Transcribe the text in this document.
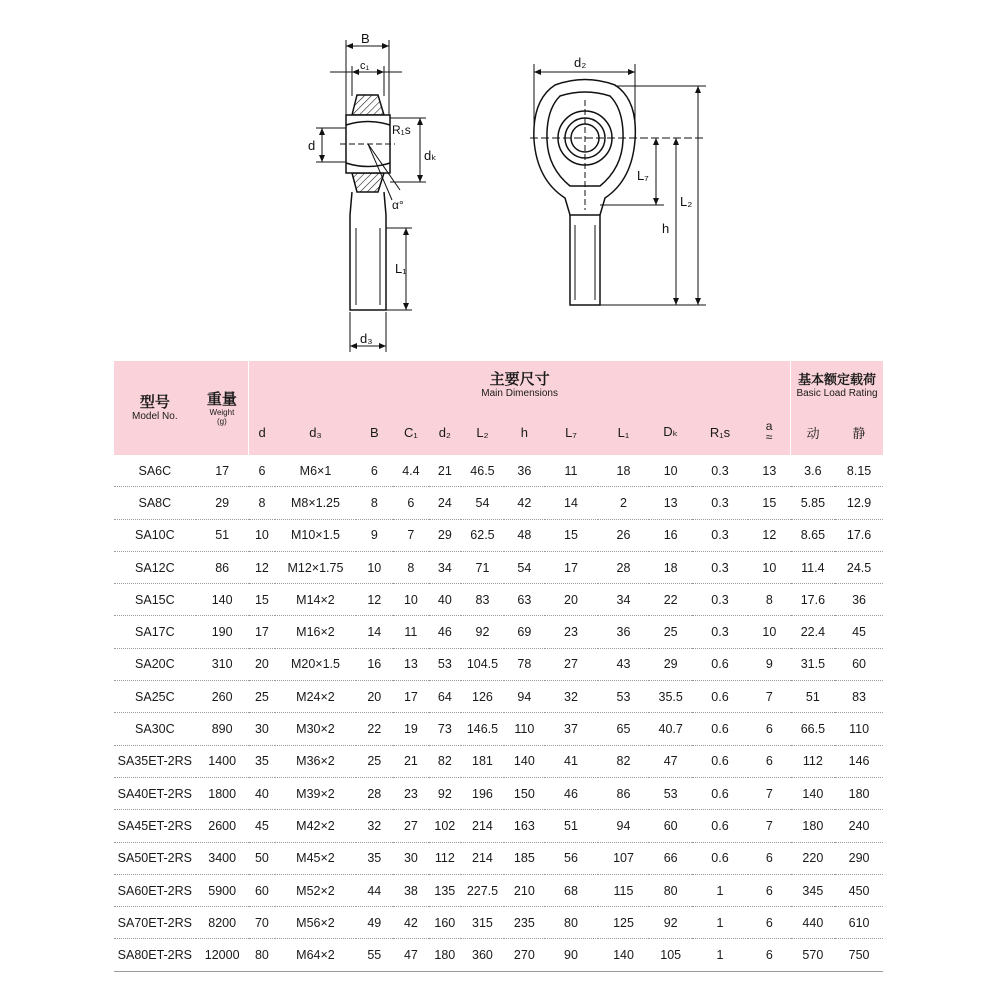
B
c₁
R₁s
d
dₖ
α°
L₁
d₃
d₂
L₇
L₂
h
型号
Model No.	重量
Weight
(g)	主要尺寸
Main Dimensions												基本额定载荷
Basic Load Rating	

		d	d₃	B	C₁	d₂	L₂	h	L₇	L₁	Dₖ	R₁s	a
≈	动	静
SA6C	17	6	M6×1	6	4.4	21	46.5	36	11	18	10	0.3	13	3.6	8.15
SA8C	29	8	M8×1.25	8	6	24	54	42	14	2	13	0.3	15	5.85	12.9
SA10C	51	10	M10×1.5	9	7	29	62.5	48	15	26	16	0.3	12	8.65	17.6
SA12C	86	12	M12×1.75	10	8	34	71	54	17	28	18	0.3	10	11.4	24.5
SA15C	140	15	M14×2	12	10	40	83	63	20	34	22	0.3	8	17.6	36
SA17C	190	17	M16×2	14	11	46	92	69	23	36	25	0.3	10	22.4	45
SA20C	310	20	M20×1.5	16	13	53	104.5	78	27	43	29	0.6	9	31.5	60
SA25C	260	25	M24×2	20	17	64	126	94	32	53	35.5	0.6	7	51	83
SA30C	890	30	M30×2	22	19	73	146.5	110	37	65	40.7	0.6	6	66.5	110
SA35ET-2RS	1400	35	M36×2	25	21	82	181	140	41	82	47	0.6	6	112	146
SA40ET-2RS	1800	40	M39×2	28	23	92	196	150	46	86	53	0.6	7	140	180
SA45ET-2RS	2600	45	M42×2	32	27	102	214	163	51	94	60	0.6	7	180	240
SA50ET-2RS	3400	50	M45×2	35	30	112	214	185	56	107	66	0.6	6	220	290
SA60ET-2RS	5900	60	M52×2	44	38	135	227.5	210	68	115	80	1	6	345	450
SA70ET-2RS	8200	70	M56×2	49	42	160	315	235	80	125	92	1	6	440	610
SA80ET-2RS	12000	80	M64×2	55	47	180	360	270	90	140	105	1	6	570	750
